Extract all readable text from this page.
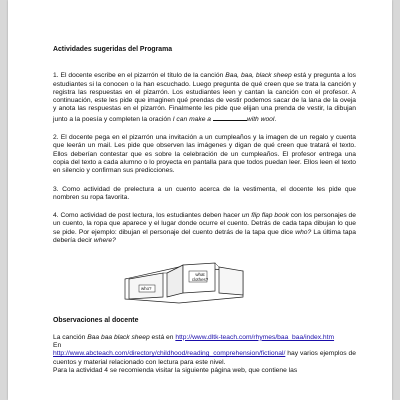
Actividades sugeridas del Programa

1. El docente escribe en el pizarrón el título de la canción Baa, baa, black sheep está y pregunta a los estudiantes si la conocen o la han escuchado. Luego pregunta de qué creen que se trata la canción y registra las respuestas en el pizarrón. Los estudiantes leen y cantan la canción con el profesor. A continuación, este les pide que imaginen qué prendas de vestir podemos sacar de la lana de la oveja y anota las respuestas en el pizarrón. Finalmente les pide que elijan una prenda de vestir, la dibujan junto a la poesía y completen la oración I can make a	with wool.

2. El docente pega en el pizarrón una invitación a un cumpleaños y la imagen de un regalo y cuenta que leerán un mail. Les pide que observen las imágenes y digan de qué creen que tratará el texto. Ellos deberían contestar que es sobre la celebración de un cumpleaños. El profesor entrega una copia del texto a cada alumno o lo proyecta en pantalla para que todos puedan leer. Ellos leen el texto en silencio y confirman sus predicciones.

3. Como actividad de prelectura a un cuento acerca de la vestimenta, el docente les pide que nombren su ropa favorita.

4. Como actividad de post lectura, los estudiantes deben hacer un flip flap book con los personajes de un cuento, la ropa que aparece y el lugar donde ocurre el cuento. Detrás de cada tapa dibujan lo que se pide. Por ejemplo: dibujan el personaje del cuento detrás de la tapa que dice who? La última tapa debería decir where?

who?
what clothes?
Observaciones al docente

La canción Baa baa black sheep está en http://www.dltk-teach.com/rhymes/baa_baa/index.htm

En
http://www.abcteach.com/directory/childhood/reading_comprehension/fictional/ hay varios ejemplos de cuentos y material relacionado con lectura para este nivel.

Para la actividad 4 se recomienda visitar la siguiente página web, que contiene las
